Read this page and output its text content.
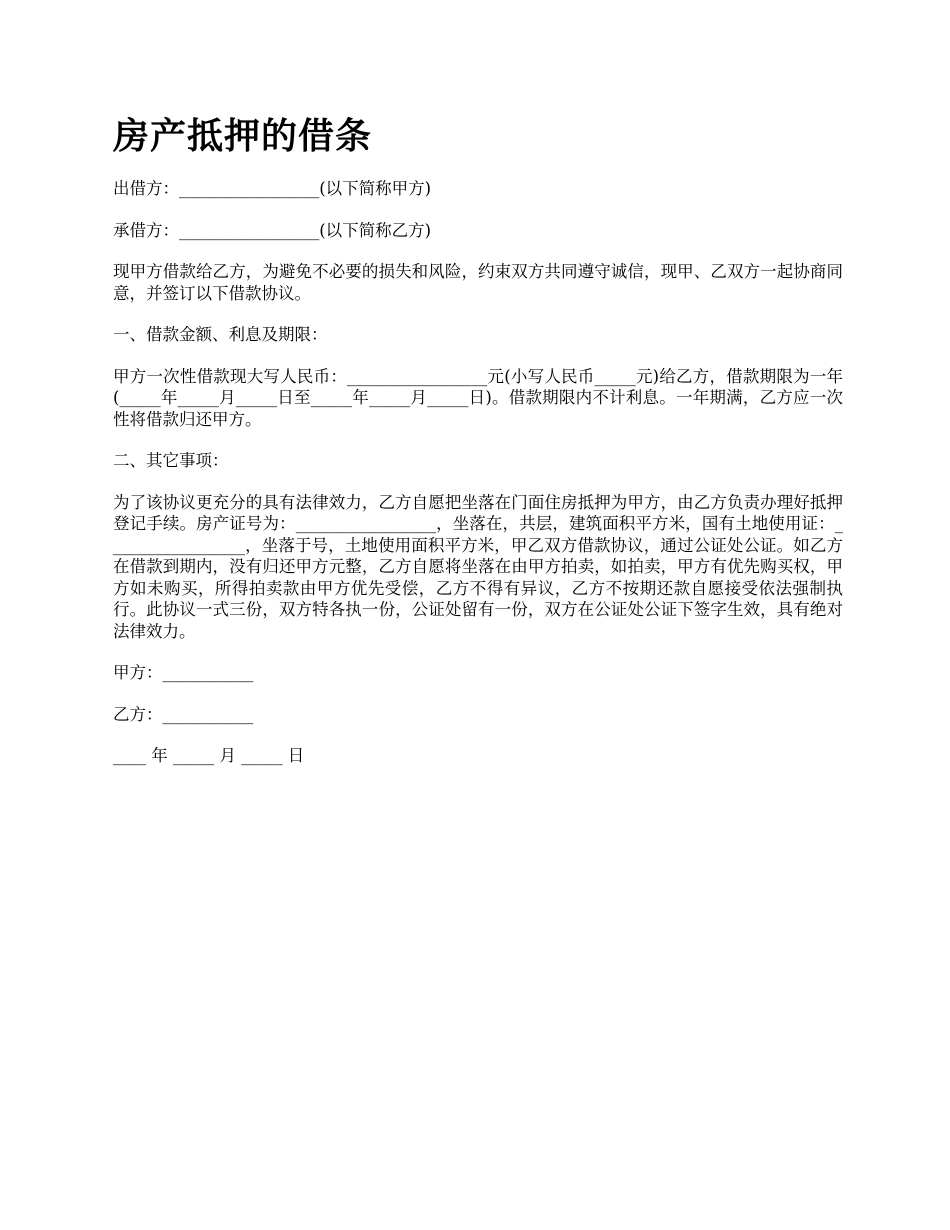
房产抵押的借条
出借方：_________________(以下简称甲方)
承借方：_________________(以下简称乙方)
现甲方借款给乙方，为避免不必要的损失和风险，约束双方共同遵守诚信，现甲、乙双方一起协商同意，并签订以下借款协议。
一、借款金额、利息及期限：
甲方一次性借款现大写人民币：_________________元(小写人民币_____元)给乙方，借款期限为一年(_____年_____月_____日至_____年_____月_____日)。借款期限内不计利息。一年期满，乙方应一次性将借款归还甲方。
二、其它事项：
为了该协议更充分的具有法律效力，乙方自愿把坐落在门面住房抵押为甲方，由乙方负责办理好抵押登记手续。房产证号为：_________________，坐落在，共层，建筑面积平方米，国有土地使用证：_________________，坐落于号，土地使用面积平方米，甲乙双方借款协议，通过公证处公证。如乙方在借款到期内，没有归还甲方元整，乙方自愿将坐落在由甲方拍卖，如拍卖，甲方有优先购买权，甲方如未购买，所得拍卖款由甲方优先受偿，乙方不得有异议，乙方不按期还款自愿接受依法强制执行。此协议一式三份，双方特各执一份，公证处留有一份，双方在公证处公证下签字生效，具有绝对法律效力。
甲方：___________
乙方：___________
____ 年 _____ 月 _____ 日
